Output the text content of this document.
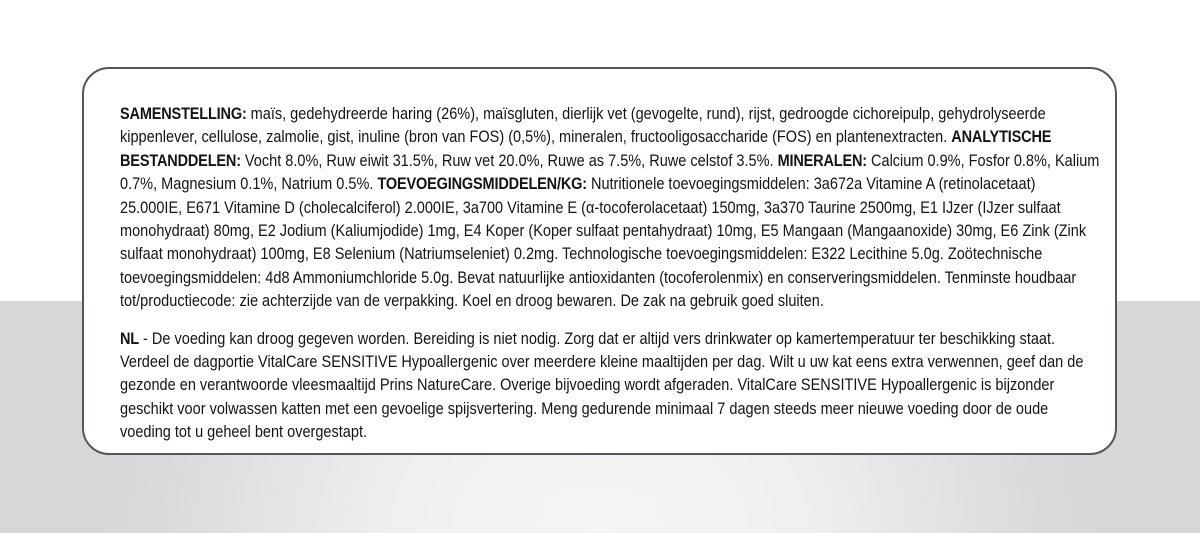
SAMENSTELLING: maïs, gedehydreerde haring (26%), maïsgluten, dierlijk vet (gevogelte, rund), rijst, gedroogde cichoreipulp, gehydrolyseerde
kippenlever, cellulose, zalmolie, gist, inuline (bron van FOS) (0,5%), mineralen, fructooligosaccharide (FOS) en plantenextracten. ANALYTISCHE
BESTANDDELEN: Vocht 8.0%, Ruw eiwit 31.5%, Ruw vet 20.0%, Ruwe as 7.5%, Ruwe celstof 3.5%. MINERALEN: Calcium 0.9%, Fosfor 0.8%, Kalium
0.7%, Magnesium 0.1%, Natrium 0.5%. TOEVOEGINGSMIDDELEN/KG: Nutritionele toevoegingsmiddelen: 3a672a Vitamine A (retinolacetaat)
25.000IE, E671 Vitamine D (cholecalciferol) 2.000IE, 3a700 Vitamine E (α-tocoferolacetaat) 150mg, 3a370 Taurine 2500mg, E1 IJzer (IJzer sulfaat
monohydraat) 80mg, E2 Jodium (Kaliumjodide) 1mg, E4 Koper (Koper sulfaat pentahydraat) 10mg, E5 Mangaan (Mangaanoxide) 30mg, E6 Zink (Zink
sulfaat monohydraat) 100mg, E8 Selenium (Natriumseleniet) 0.2mg. Technologische toevoegingsmiddelen: E322 Lecithine 5.0g. Zoötechnische
toevoegingsmiddelen: 4d8 Ammoniumchloride 5.0g. Bevat natuurlijke antioxidanten (tocoferolenmix) en conserveringsmiddelen. Tenminste houdbaar
tot/productiecode: zie achterzijde van de verpakking. Koel en droog bewaren. De zak na gebruik goed sluiten.
NL - De voeding kan droog gegeven worden. Bereiding is niet nodig. Zorg dat er altijd vers drinkwater op kamertemperatuur ter beschikking staat.
Verdeel de dagportie VitalCare SENSITIVE Hypoallergenic over meerdere kleine maaltijden per dag. Wilt u uw kat eens extra verwennen, geef dan de
gezonde en verantwoorde vleesmaaltijd Prins NatureCare. Overige bijvoeding wordt afgeraden. VitalCare SENSITIVE Hypoallergenic is bijzonder
geschikt voor volwassen katten met een gevoelige spijsvertering. Meng gedurende minimaal 7 dagen steeds meer nieuwe voeding door de oude
voeding tot u geheel bent overgestapt.
